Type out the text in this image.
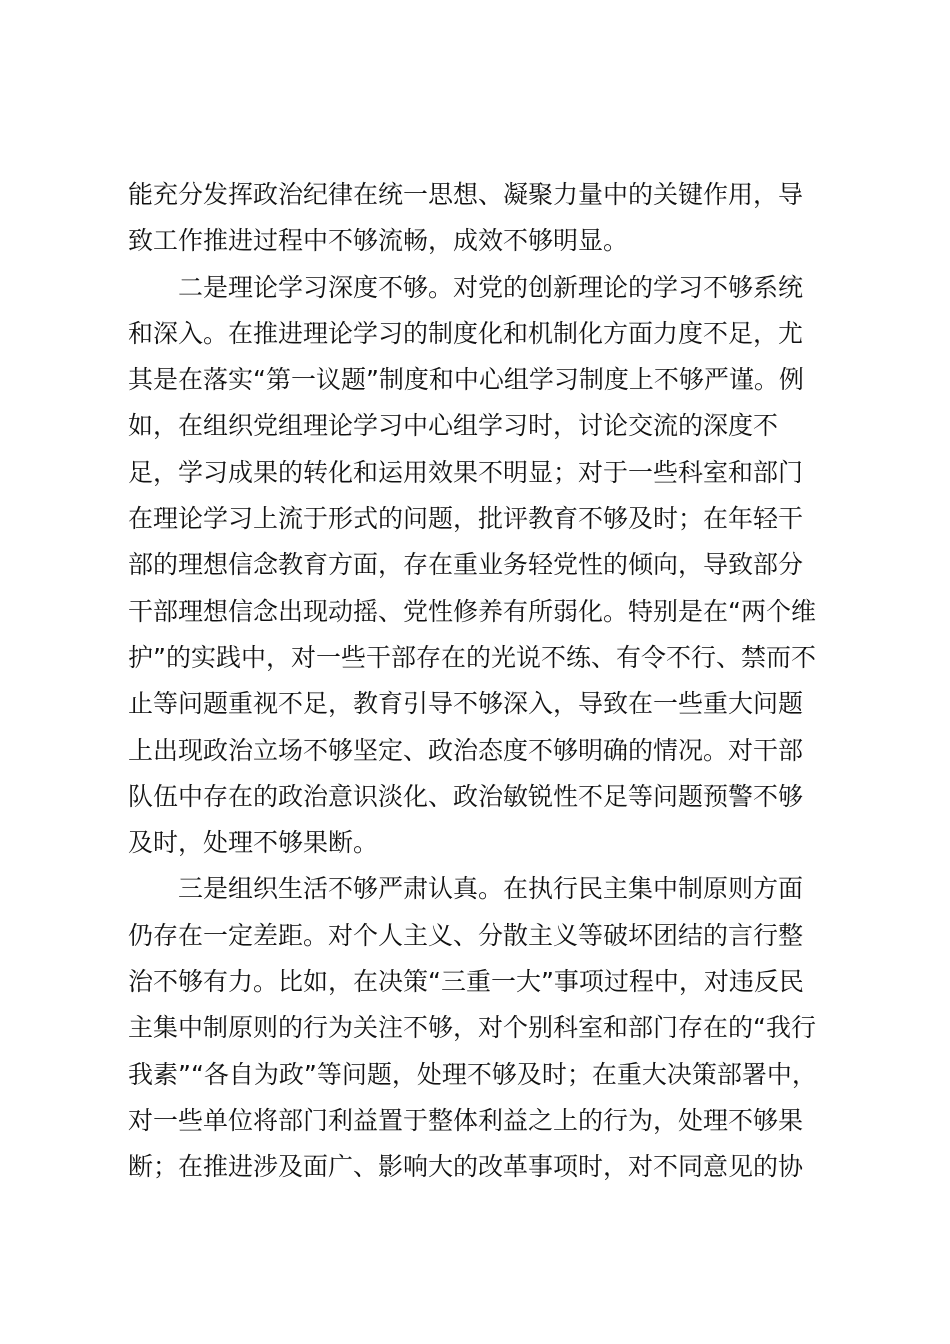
能充分发挥政治纪律在统一思想、凝聚力量中的关键作用，导
致工作推进过程中不够流畅，成效不够明显。
二是理论学习深度不够。对党的创新理论的学习不够系统
和深入。在推进理论学习的制度化和机制化方面力度不足，尤
其是在落实“第一议题”制度和中心组学习制度上不够严谨。例
如，在组织党组理论学习中心组学习时，讨论交流的深度不
足，学习成果的转化和运用效果不明显；对于一些科室和部门
在理论学习上流于形式的问题，批评教育不够及时；在年轻干
部的理想信念教育方面，存在重业务轻党性的倾向，导致部分
干部理想信念出现动摇、党性修养有所弱化。特别是在“两个维
护”的实践中，对一些干部存在的光说不练、有令不行、禁而不
止等问题重视不足，教育引导不够深入，导致在一些重大问题
上出现政治立场不够坚定、政治态度不够明确的情况。对干部
队伍中存在的政治意识淡化、政治敏锐性不足等问题预警不够
及时，处理不够果断。
三是组织生活不够严肃认真。在执行民主集中制原则方面
仍存在一定差距。对个人主义、分散主义等破坏团结的言行整
治不够有力。比如，在决策“三重一大”事项过程中，对违反民
主集中制原则的行为关注不够，对个别科室和部门存在的“我行
我素”“各自为政”等问题，处理不够及时；在重大决策部署中，
对一些单位将部门利益置于整体利益之上的行为，处理不够果
断；在推进涉及面广、影响大的改革事项时，对不同意见的协
